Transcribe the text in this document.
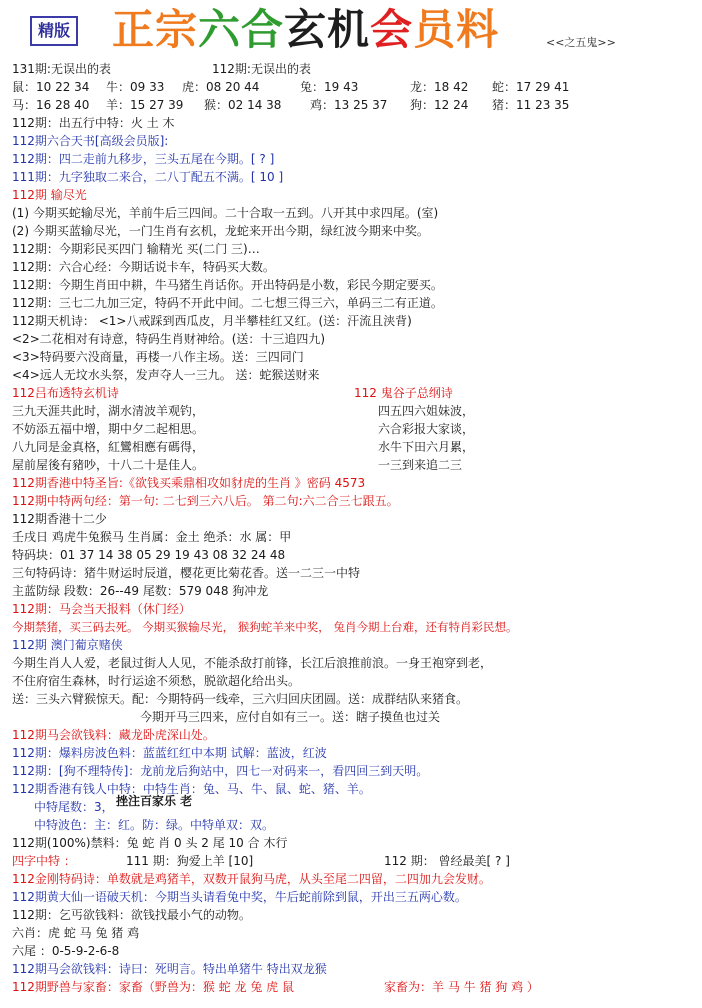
精版 正宗六合玄机会员料	<<之五鬼>>
131期:无误出的表	112期:无误出的表
鼠：10 22 34 牛：09 33 虎：08 20 44	兔：19 43	龙：18 42 蛇：17 29 41
马：16 28 40 羊：15 27 39 猴：02 14 38 鸡：13 25 37 狗：12 24 猪：11 23 35
112期：出五行中特：火 土 木
112期六合天书[高级会员版]:
112期：四二走前九移步，三头五尾在今期。[ ? ]
111期：九字独取二来合，二八丁配五不满。[ 10 ]
112期 输尽光
(1) 今期买蛇输尽光，羊前牛后三四间。二十合取一五到。八开其中求四尾。(室)
(2) 今期买蓝输尽光，一门生肖有玄机，龙蛇来开出今期，绿红波今期来中奖。
112期：今期彩民买四门 输精光 买(二门 三)…
112期：六合心经：今期话说卡车，特码买大数。
112期：今期生肖田中耕，牛马猪生肖话你。开出特码是小数，彩民今期定要买。
112期：三七二九加三定，特码不开此中间。二七想三得三六，单码三二有正道。
112期天机诗： <1>八戒踩到西瓜皮，月半攀桂红又红。(送：汗流且浃背)
<2>二花相对有诗意，特码生肖财神给。(送：十三追四九)
<3>特码要六没商量，再楼一八作主场。送：三四同门
<4>远人无坟水头祭，发声夺人一三九。 送：蛇猴送财来
112吕布透特玄机诗	112 鬼谷子总纲诗
三九天涯共此时，湖水清波羊观钓，
不妨添五福中增，期中夕二起相思。
八九同是金真格，紅鸞相應有碼得，
屋前屋後有豬吵，十八二十是佳人。
四五四六姐妹波，
六合彩报大家谈，
水牛下田六月累，
一三到来追二三
112期香港中特圣旨:《欲钱买乘鼎相攻如豺虎的生肖 》密码 4573
112期中特两句经：第一句: 二七到三六八后。 第二句:六二合三七跟五。
112期香港十二少
壬戌日 鸡虎牛兔猴马 生肖属：金土 绝杀：水 属：甲
特码块：01 37 14 38 05 29 19 43 08 32 24 48
三句特码诗：猪牛财运时辰道，樱花更比菊花香。送一二三一中特
主蓝防绿 段数：26--49 尾数：579 048 狗冲龙
112期：马会当天报料（休门经）
今期禁猪，买三码去死。 今期买猴输尽光， 猴狗蛇羊来中奖， 兔肖今期上台难，还有特肖彩民想。
112期 澳门葡京赌侠
今期生肖人人爱，老鼠过街人人见，不能杀敌打前锋，长江后浪推前浪。一身王袍穿到老，
不住府宿生森林，时行运途不须愁，脱欲超化给出头。
送：三头六臂猴惊天。配：今期特码一线牵，三六归回庆团圆。送：成群结队来猪食。
今期开马三四来，应付自如有三一。送：瞎子摸鱼也过关
112期马会欲钱料：藏龙卧虎深山处。
112期：爆料房波色料：蓝蓝红红中本期 试解：蓝波，红波
112期：[狗不理特传]：龙前龙后狗站中，四七一对码来一，看四回三到天明。
112期香港有钱人中特：中特生肖：兔、马、牛、鼠、蛇、猪、羊。
中特尾数：3， 挫注百家乐 老
中特波色：主：红。防：绿。中特单双：双。
112期(100%)禁料：兔 蛇 肖 0 头 2 尾 10 合 木行
四字中特 ：	111 期：狗爱上羊 [10]	112 期： 曾经最美[ ? ]
112金刚特码诗：单数就是鸡猪羊，双数开鼠狗马虎，从头至尾二四留，二四加九会发财。
112期黄大仙一语破天机：今期当头请看兔中奖，牛后蛇前除到鼠，开出三五两心数。
112期：乞丐欲钱料：欲钱找最小气的动物。
六肖：虎 蛇 马 兔 猪 鸡
六尾 ：0-5-9-2-6-8
112期马会欲钱料：诗曰：死明言。特出单猪牛 特出双龙猴
112期野兽与家畜：家畜（野兽为：猴 蛇 龙 兔 虎 鼠	家畜为：羊 马 牛 猪 狗 鸡 ）
